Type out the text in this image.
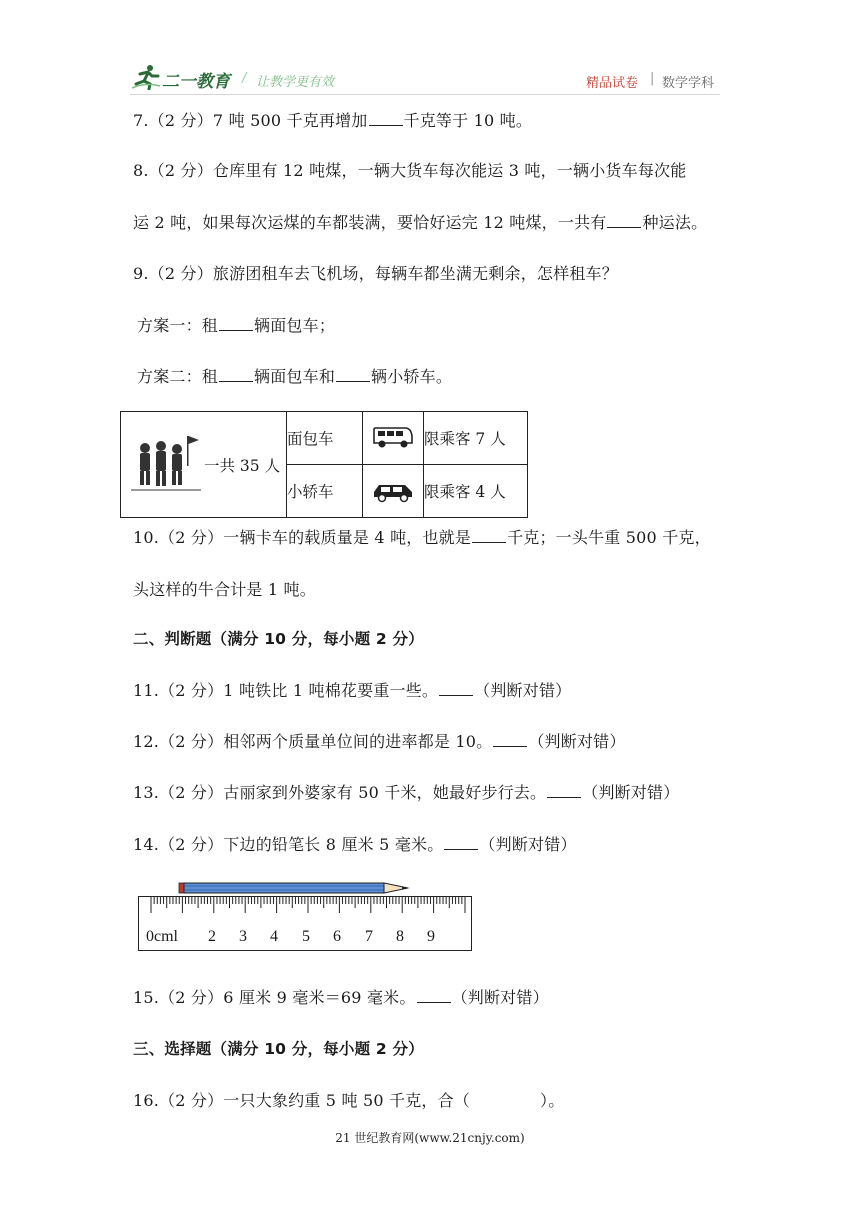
二一教育 / 让教学更有效	精品试卷 | 数学学科
7.（2 分）7 吨 500 千克再增加 千克等于 10 吨。
8.（2 分）仓库里有 12 吨煤，一辆大货车每次能运 3 吨，一辆小货车每次能
运 2 吨，如果每次运煤的车都装满，要恰好运完 12 吨煤，一共有 种运法。
9.（2 分）旅游团租车去飞机场，每辆车都坐满无剩余，怎样租车？
方案一：租 辆面包车；
方案二：租 辆面包车和 辆小轿车。
一共 35 人	面包车		限乘客 7 人
	小轿车		限乘客 4 人
10.（2 分）一辆卡车的载质量是 4 吨，也就是 千克；一头牛重 500 千克，
头这样的牛合计是 1 吨。
二、判断题（满分 10 分，每小题 2 分）
11.（2 分）1 吨铁比 1 吨棉花要重一些。 （判断对错）
12.（2 分）相邻两个质量单位间的进率都是 10。 （判断对错）
13.（2 分）古丽家到外婆家有 50 千米，她最好步行去。 （判断对错）
14.（2 分）下边的铅笔长 8 厘米 5 毫米。 （判断对错）
0cml 2 3 4 5 6 7 8 9
15.（2 分）6 厘米 9 毫米＝69 毫米。 （判断对错）
三、选择题（满分 10 分，每小题 2 分）
16.（2 分）一只大象约重 5 吨 50 千克，合（	）。
21 世纪教育网(www.21cnjy.com)
